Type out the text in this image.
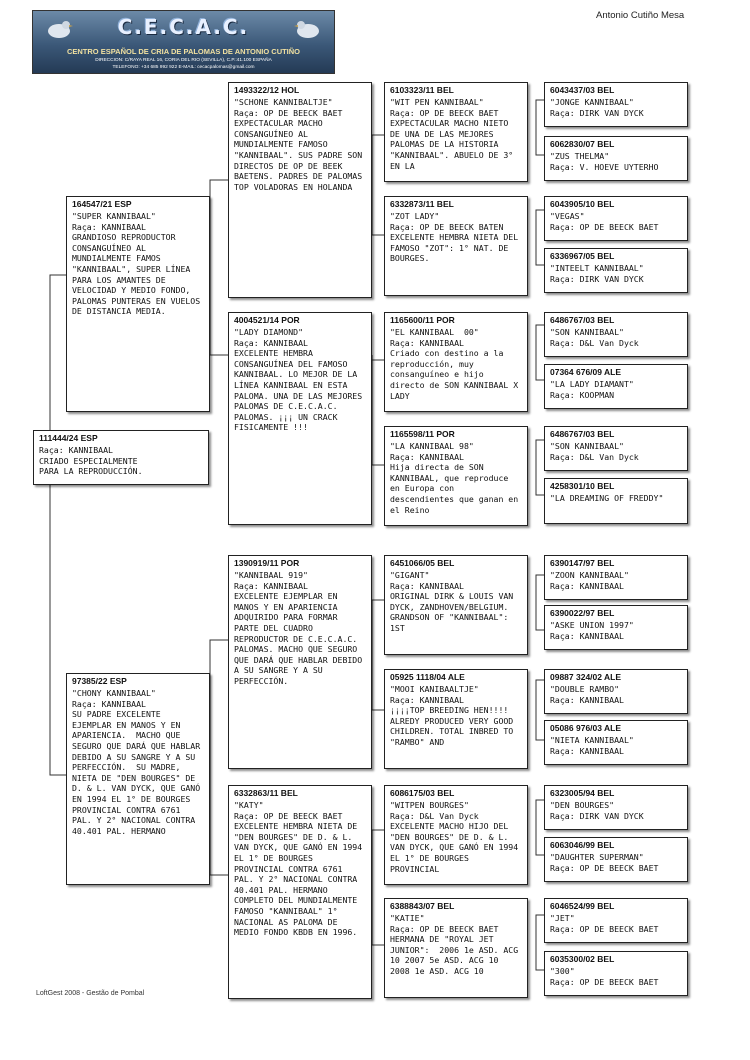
C.E.C.A.C.
CENTRO ESPAÑOL DE CRIA DE PALOMAS DE ANTONIO CUTIÑO
DIRECCION: C/RAYA REAL 16, CORIA DEL RIO (SEVILLA), C.P.:41.100 ESPAÑA
TELEFONO: +34 685 992 922 E-MAIL: cecacpalomas@gmail.com
Antonio Cutiño Mesa
111444/24 ESP
Raça: KANNIBAAL
CRIADO ESPECIALMENTE
PARA LA REPRODUCCIÓN.
164547/21 ESP
"SUPER KANNIBAAL"
Raça: KANNIBAAL
GRANDIOSO REPRODUCTOR CONSANGUÍNEO AL MUNDIALMENTE FAMOS "KANNIBAAL", SUPER LÍNEA PARA LOS AMANTES DE VELOCIDAD Y MEDIO FONDO, PALOMAS PUNTERAS EN VUELOS DE DISTANCIA MEDIA.
97385/22 ESP
"CHONY KANNIBAAL"
Raça: KANNIBAAL
SU PADRE EXCELENTE EJEMPLAR EN MANOS Y EN APARIENCIA.  MACHO QUE SEGURO QUE DARÁ QUE HABLAR DEBIDO A SU SANGRE Y A SU PERFECCIÓN.  SU MADRE, NIETA DE "DEN BOURGES" DE D. & L. VAN DYCK, QUE GANÓ EN 1994 EL 1° DE BOURGES PROVINCIAL CONTRA 6761 PAL. Y 2° NACIONAL CONTRA 40.401 PAL. HERMANO
1493322/12 HOL
"SCHONE KANNIBALTJE"
Raça: OP DE BEECK BAET
EXPECTACULAR MACHO CONSANGUÍNEO AL MUNDIALMENTE FAMOSO "KANNIBAAL". SUS PADRE SON DIRECTOS DE OP DE BEEK BAETENS. PADRES DE PALOMAS TOP VOLADORAS EN HOLANDA
4004521/14 POR
"LADY DIAMOND"
Raça: KANNIBAAL
EXCELENTE HEMBRA CONSANGUÍNEA DEL FAMOSO KANNIBAAL. LO MEJOR DE LA LÍNEA KANNIBAAL EN ESTA PALOMA. UNA DE LAS MEJORES PALOMAS DE C.E.C.A.C. PALOMAS. ¡¡¡ UN CRACK FISICAMENTE !!!
1390919/11 POR
"KANNIBAAL 919"
Raça: KANNIBAAL
EXCELENTE EJEMPLAR EN MANOS Y EN APARIENCIA ADQUIRIDO PARA FORMAR PARTE DEL CUADRO REPRODUCTOR DE C.E.C.A.C. PALOMAS. MACHO QUE SEGURO QUE DARÁ QUE HABLAR DEBIDO A SU SANGRE Y A SU PERFECCIÓN.
6332863/11 BEL
"KATY"
Raça: OP DE BEECK BAET
EXCELENTE HEMBRA NIETA DE "DEN BOURGES" DE D. & L. VAN DYCK, QUE GANÓ EN 1994 EL 1° DE BOURGES PROVINCIAL CONTRA 6761 PAL. Y 2° NACIONAL CONTRA 40.401 PAL. HERMANO COMPLETO DEL MUNDIALMENTE FAMOSO "KANNIBAAL" 1° NACIONAL AS PALOMA DE MEDIO FONDO KBDB EN 1996.
6103323/11 BEL
"WIT PEN KANNIBAAL"
Raça: OP DE BEECK BAET
EXPECTACULAR MACHO NIETO DE UNA DE LAS MEJORES PALOMAS DE LA HISTORIA "KANNIBAAL". ABUELO DE 3° EN LA
6332873/11 BEL
"ZOT LADY"
Raça: OP DE BEECK BATEN
EXCELENTE HEMBRA NIETA DEL FAMOSO "ZOT": 1° NAT. DE BOURGES.
1165600/11 POR
"EL KANNIBAAL  00"
Raça: KANNIBAAL
Criado con destino a la reproducción, muy consanguíneo e hijo directo de SON KANNIBAAL X LADY
1165598/11 POR
"LA KANNIBAAL 98"
Raça: KANNIBAAL
Hija directa de SON KANNIBAAL, que reproduce en Europa con descendientes que ganan en el Reino
6451066/05 BEL
"GIGANT"
Raça: KANNIBAAL
ORIGINAL DIRK & LOUIS VAN DYCK, ZANDHOVEN/BELGIUM. GRANDSON OF "KANNIBAAL": 1ST
05925 1118/04 ALE
"MOOI KANIBAALTJE"
Raça: KANNIBAAL
¡¡¡¡TOP BREEDING HEN!!!! ALREDY PRODUCED VERY GOOD CHILDREN. TOTAL INBRED TO "RAMBO" AND
6086175/03 BEL
"WITPEN BOURGES"
Raça: D&L Van Dyck
EXCELENTE MACHO HIJO DEL "DEN BOURGES" DE D. & L. VAN DYCK, QUE GANÓ EN 1994 EL 1° DE BOURGES PROVINCIAL
6388843/07 BEL
"KATIE"
Raça: OP DE BEECK BAET
HERMANA DE "ROYAL JET JUNIOR":  2006 1e ASD. ACG 10 2007 5e ASD. ACG 10 2008 1e ASD. ACG 10
6043437/03 BEL
"JONGE KANNIBAAL"
Raça: DIRK VAN DYCK
6062830/07 BEL
"ZUS THELMA"
Raça: V. HOEVE UYTERHO
6043905/10 BEL
"VEGAS"
Raça: OP DE BEECK BAET
6336967/05 BEL
"INTEELT KANNIBAAL"
Raça: DIRK VAN DYCK
6486767/03 BEL
"SON KANNIBAAL"
Raça: D&L Van Dyck
07364 676/09 ALE
"LA LADY DIAMANT"
Raça: KOOPMAN
6486767/03 BEL
"SON KANNIBAAL"
Raça: D&L Van Dyck
4258301/10 BEL
"LA DREAMING OF FREDDY"
6390147/97 BEL
"ZOON KANNIBAAL"
Raça: KANNIBAAL
6390022/97 BEL
"ASKE UNION 1997"
Raça: KANNIBAAL
09887 324/02 ALE
"DOUBLE RAMBO"
Raça: KANNIBAAL
05086 976/03 ALE
"NIETA KANNIBAAL"
Raça: KANNIBAAL
6323005/94 BEL
"DEN BOURGES"
Raça: DIRK VAN DYCK
6063046/99 BEL
"DAUGHTER SUPERMAN"
Raça: OP DE BEECK BAET
6046524/99 BEL
"JET"
Raça: OP DE BEECK BAET
6035300/02 BEL
"300"
Raça: OP DE BEECK BAET
LoftGest 2008 - Gestão de Pombal
